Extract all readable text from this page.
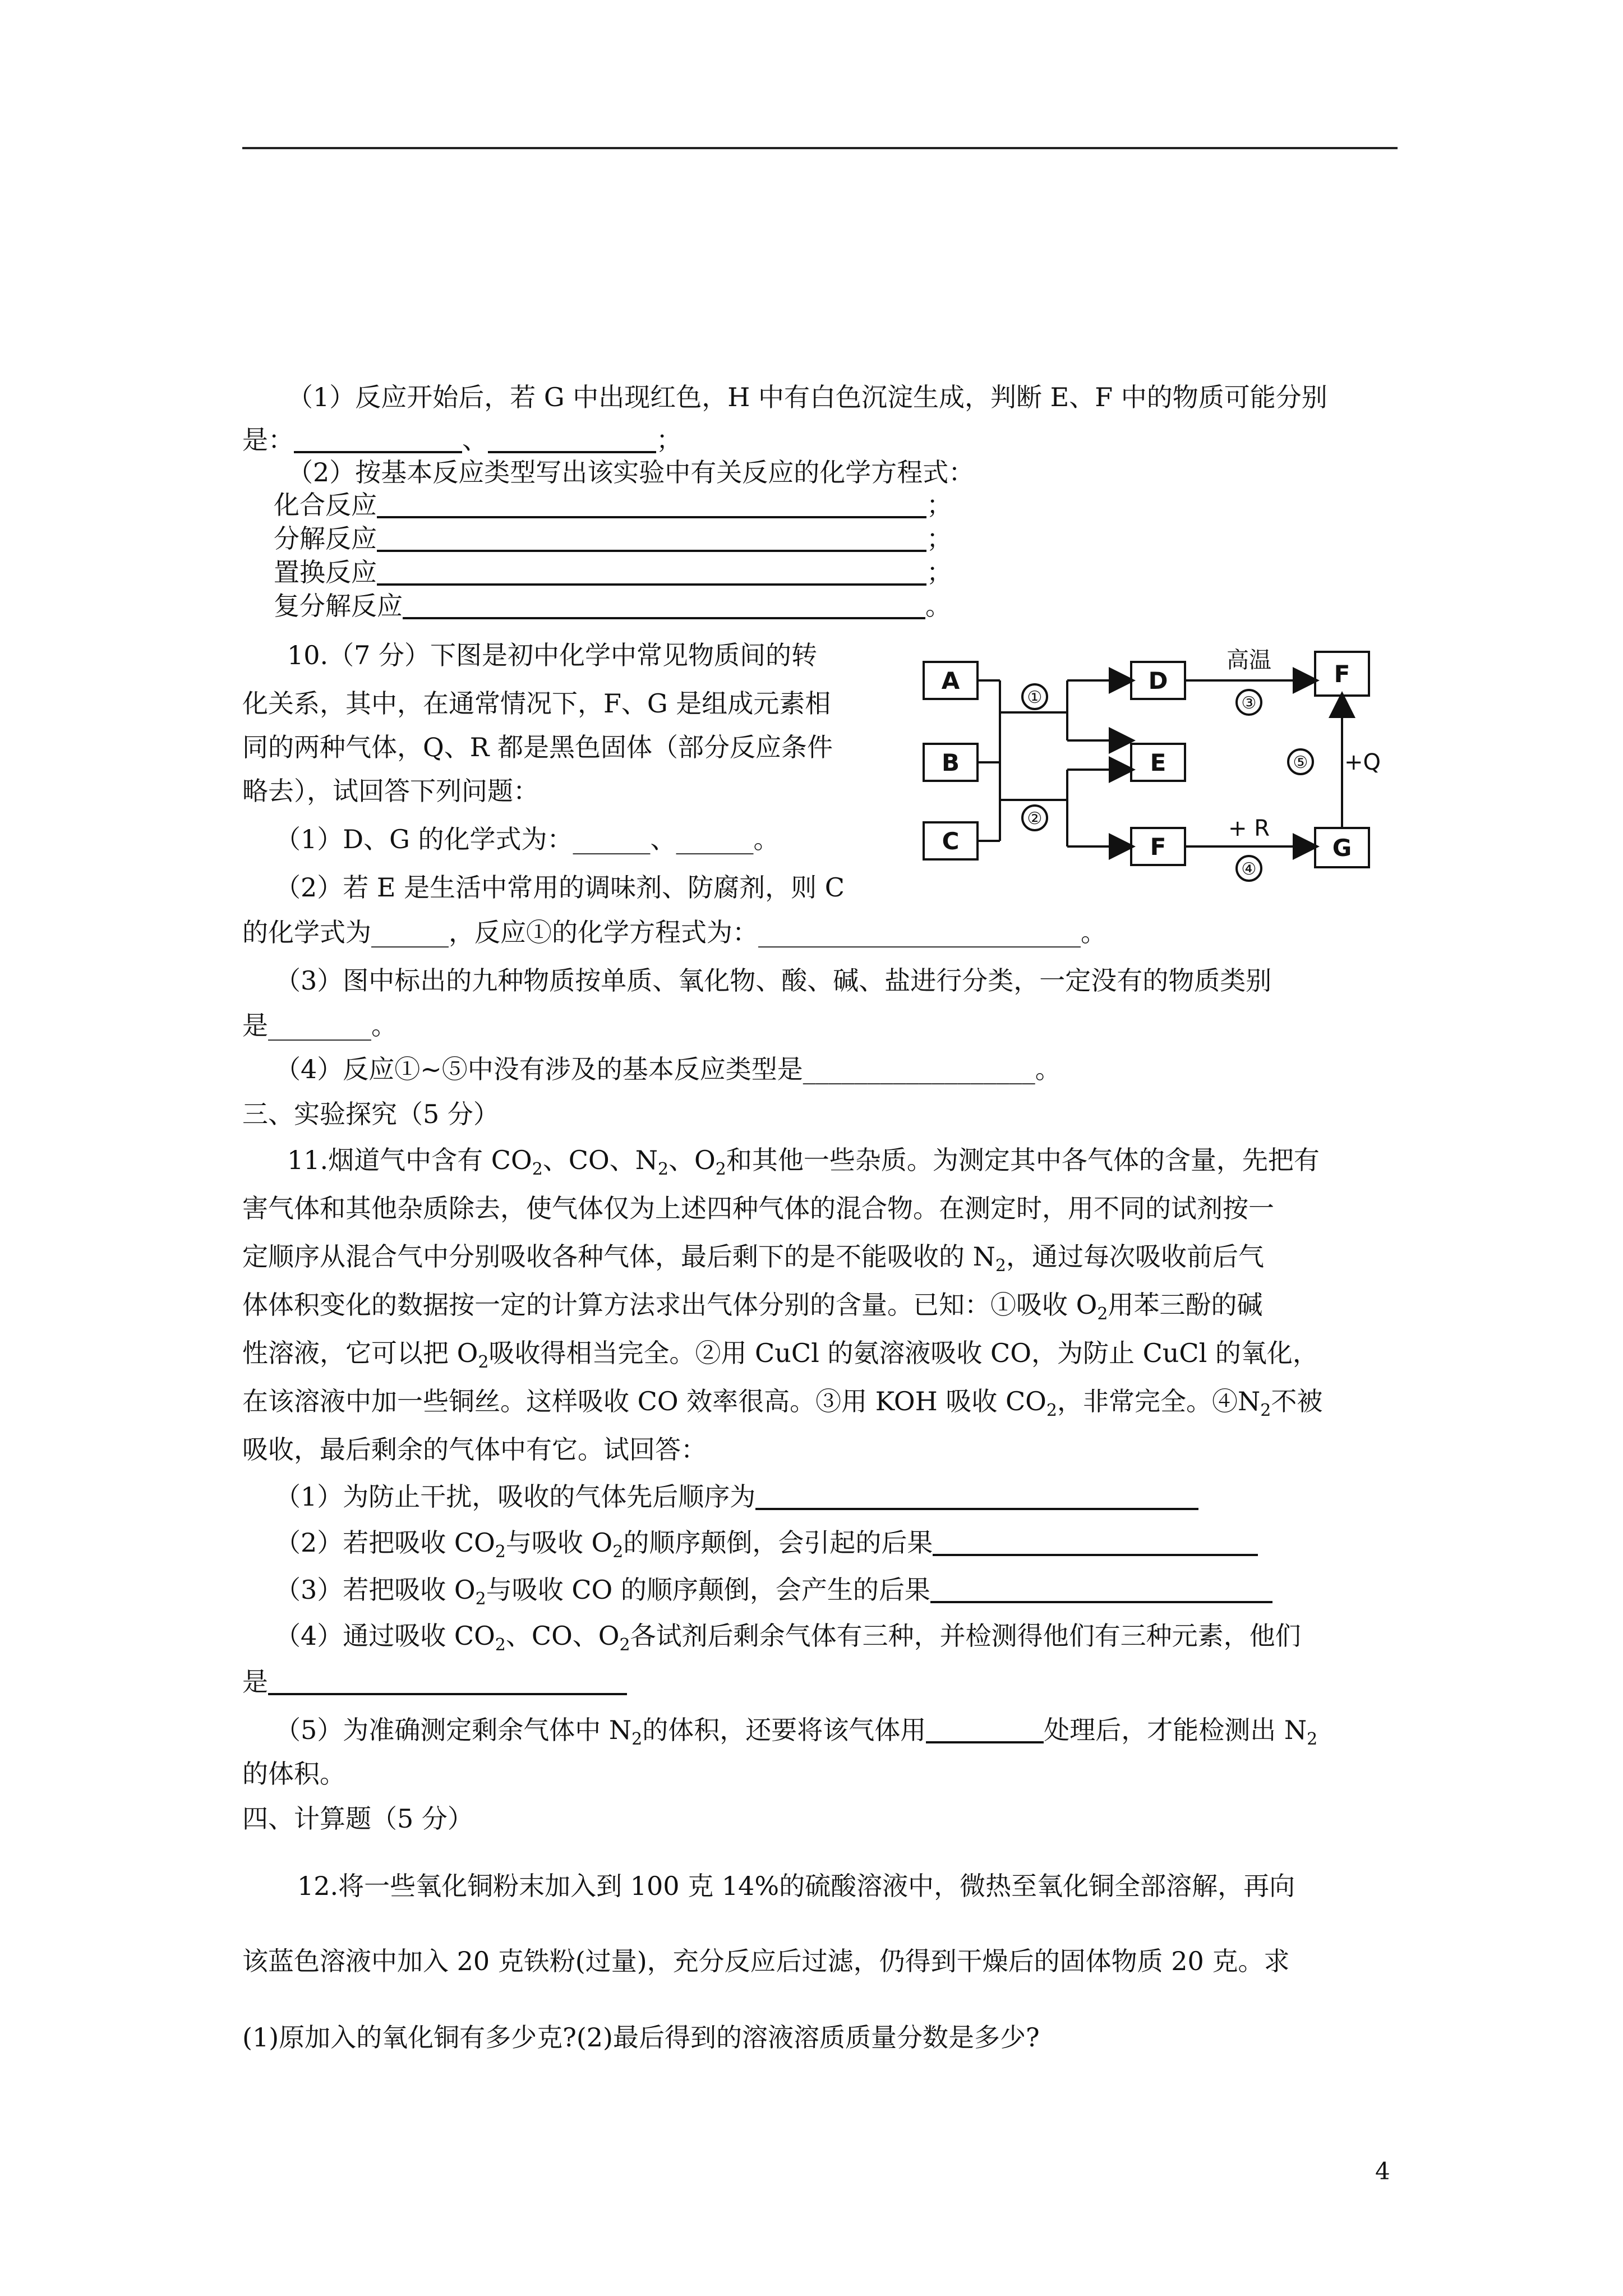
（1）反应开始后，若 G 中出现红色，H 中有白色沉淀生成，判断 E、F 中的物质可能分别
是：	、	；
（2）按基本反应类型写出该实验中有关反应的化学方程式：
化合反应	；
分解反应	；
置换反应	；
复分解反应	。
10.（7 分）下图是初中化学中常见物质间的转
化关系，其中，在通常情况下，F、G 是组成元素相
同的两种气体，Q、R 都是黑色固体（部分反应条件
略去），试回答下列问题：
（1）D、G 的化学式为：______、______。
（2）若 E 是生活中常用的调味剂、防腐剂，则 C
的化学式为______，反应①的化学方程式为：_________________________。
（3）图中标出的九种物质按单质、氧化物、酸、碱、盐进行分类，一定没有的物质类别
是________。
（4）反应①~⑤中没有涉及的基本反应类型是__________________。
A
B
C
D
E
F
F
G
①
②
③
④
⑤
高温
+ R
+Q
三、实验探究（5 分）
11.烟道气中含有 $CO_2$、CO、$N_2$、$O_2$和其他一些杂质。为测定其中各气体的含量，先把有
害气体和其他杂质除去，使气体仅为上述四种气体的混合物。在测定时，用不同的试剂按一
定顺序从混合气中分别吸收各种气体，最后剩下的是不能吸收的 $N_2$，通过每次吸收前后气
体体积变化的数据按一定的计算方法求出气体分别的含量。已知：①吸收 $O_2$用苯三酚的碱
性溶液，它可以把 $O_2$吸收得相当完全。②用 CuCl 的氨溶液吸收 CO，为防止 CuCl 的氧化，
在该溶液中加一些铜丝。这样吸收 CO 效率很高。③用 KOH 吸收 $CO_2$，非常完全。$④N_2$不被
吸收，最后剩余的气体中有它。试回答：
（1）为防止干扰，吸收的气体先后顺序为
（2）若把吸收 $CO_2$与吸收 $O_2$的顺序颠倒，会引起的后果
（3）若把吸收 $O_2$与吸收 CO 的顺序颠倒，会产生的后果
（4）通过吸收 $CO_2$、CO、$O_2$各试剂后剩余气体有三种，并检测得他们有三种元素，他们
是
（5）为准确测定剩余气体中 $N_2$的体积，还要将该气体用	处理后，才能检测出 $N_2$
的体积。
四、计算题（5 分）
12.将一些氧化铜粉末加入到 100 克 14%的硫酸溶液中，微热至氧化铜全部溶解，再向
该蓝色溶液中加入 20 克铁粉(过量)，充分反应后过滤，仍得到干燥后的固体物质 20 克。求
(1)原加入的氧化铜有多少克?(2)最后得到的溶液溶质质量分数是多少?
4
